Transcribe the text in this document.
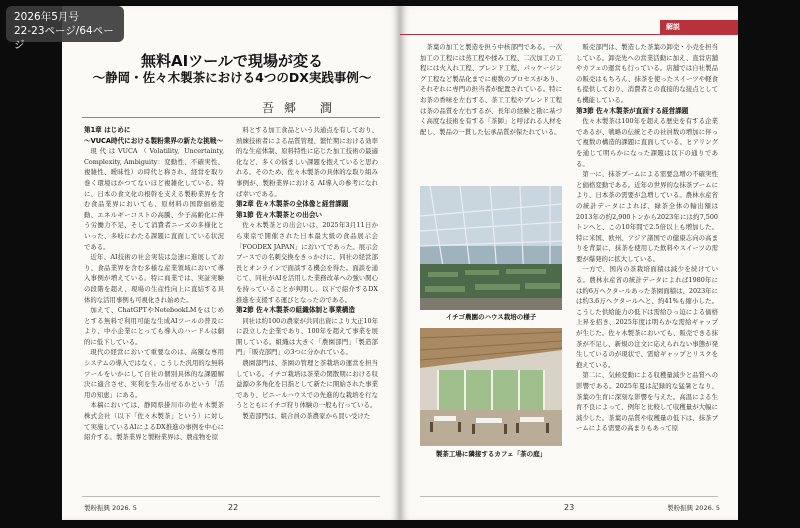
2026年5月号
22-23ページ/64ページ
無料AIツールで現場が変る
～静岡・佐々木製茶における4つのDX実践事例～
吾郷 潤

第1章 はじめに

～VUCA時代における製粉業界の新たな挑戦～

現代はVUCA（Volatility, Uncertainty, Complexity, Ambiguity：変動性、不確実性、複雑性、曖昧性）の時代と称され、経営を取り巻く環境はかつてないほど複雑化している。特に、日本の食文化の根幹を支える製粉業界を含む食品業界においても、原材料の国際価格変動、エネルギーコストの高騰、少子高齢化に伴う労働力不足、そして消費者ニーズの多様化といった、多岐にわたる課題に直面している状況である。

近年、AI技術の社会実装は急速に進展しており、食品業界を含む多様な産業領域において導入事例が増えている。特に商業では、実証実験の段階を超え、現場の生産性向上に直結する具体的な活用事例も可視化され始めた。

加えて、ChatGPTやNotebookLMをはじめとする無料で利用可能な生成AIツールの普及により、中小企業にとっても導入のハードルは劇的に低下している。

現代の経営において重要なのは、高額な専用システムの導入ではなく、こうした汎用的な無料ツールをいかにして自社の個別具体的な課題解決に適合させ、実利を生み出せるかという「活用の知恵」にある。

本稿においては、静岡県掛川市の佐々木製茶株式会社（以下「佐々木製茶」という）に対して実施しているAIによるDX推進の事例を中心に紹介する。製茶業界と製粉業界は、農産物を原

料とする加工食品という共通点を有しており、熟練技術者による品質管理、繁忙期における効率的な生産体制、原料特性に応じた加工技術の最適化など、多くの悩ましい課題を抱えていると思われる。そのため、佐々木製茶の具体的な取り組み事例が、製粉業界における AI導入の参考になれば幸いである。

第2章 佐々木製茶の全体像と経営課題

第1節 佐々木製茶との出会い

佐々木製茶との出会いは、2025年3月11日から東京で開催された日本最大級の食品展示会「FOODEX JAPAN」においてであった。展示会ブースでの名刺交換をきっかけに、同社の経営部長とオンラインで面談する機会を得た。面談を通じて、同社がAIを活用した業務改革への強い関心を持っていることが判明し、以下で紹介するDX推進を支援する運びとなったのである。

第2節 佐々木製茶の組織体制と事業構造

同社は約100の農家が共同出資により大正10年に設立した企業であり、100年を超えて事業を展開している。組織は大きく「農園部門」「製造部門」「販売部門」の3つに分かれている。

農園部門は、茶園の管理と茶栽培の運営を担当している。イチゴ栽培は茶業の閑散期における収益源の多角化を目指として新たに開始された事業であり、ビニールハウスでの先進的な栽培を行なうとともにイチゴ狩り体験の一般も行っている。

製造部門は、組合員の茶農家から買い受けた

製粉振興 2026. 5	22
解説

茶葉の加工と製造を担う中核部門である。一次加工の工程には蒸工程や揉み工程、二次加工の工程には火入れ工程、ブレンド工程、パッケージング工程など製品化までに複数のプロセスがあり、それぞれに専門の担当者が配置されている。特にお茶の香味を左右する、茶工工程やブレンド工程は茶の品質を左右するが、長年の経験と勘に基づく高度な技術を有する「茶師」と呼ばれる人材を配し、製品の一貫した伝承品質が保たれている。

販売部門は、製造した茶葉の卸売・小売を担当している。卸売先への営業活動に加え、直営店舗やカフェの運営も行っている。店舗では自社製品の販売はもちろん、抹茶を使ったスイーツや軽食も提供しており、消費者との直接的な接点としても機能している。

第3節 佐々木製茶が直面する経営課題

佐々木製茶は100年を超える歴史を有する企業であるが、戦略の伝統とその社員数の増加に伴って複数の構造的課題に直面している。ヒアリングを通じて明らかになった課題は以下の通りである。

第一に、抹茶ブームによる需要急増の不確実性と価格変動である。近年の世界的な抹茶ブームにより、日本茶の需要が急増している。農林水産省の統計データによれば、緑茶全体の輸出額は2013年の約2,900トンから2023年には約7,500トンへと、この10年間で2.5倍以上も増加した。特に米国、欧州、アジア諸国での健康志向の高まりを背景に、抹茶を使用した飲料やスイーツの需要が爆発的に拡大している。

一方で、国内の茶栽培面積は減少を続けている。農林水産省の統計データによれば1980年には約6万ヘクタールあった茶園面積は、2023年には約3.6万ヘクタールへと、約41%も縮小した。こうした供給能力の低下は需給ひっ迫による価格上昇を招き、2025年度は明らかな需給ギャップが生じた。佐々木製茶においても、販売できる抹茶が不足し、新規の注文に応えられない事態が発生しているのが現状で、需給ギャップとリスクを抱えている。

第二に、気候変動による収穫量減少と品質への影響である。2025年夏は記録的な猛暑となり、茶葉の生育に深刻な影響を与えた。高温による生育不良によって、例年と比較して収穫量が大幅に減少した。茶葉の品質や収穫量の低下は、抹茶ブームによる需要の高まりもあって原

イチゴ農園のハウス栽培の様子
製茶工場に隣接するカフェ「茶の庭」
23	製粉振興 2026. 5
